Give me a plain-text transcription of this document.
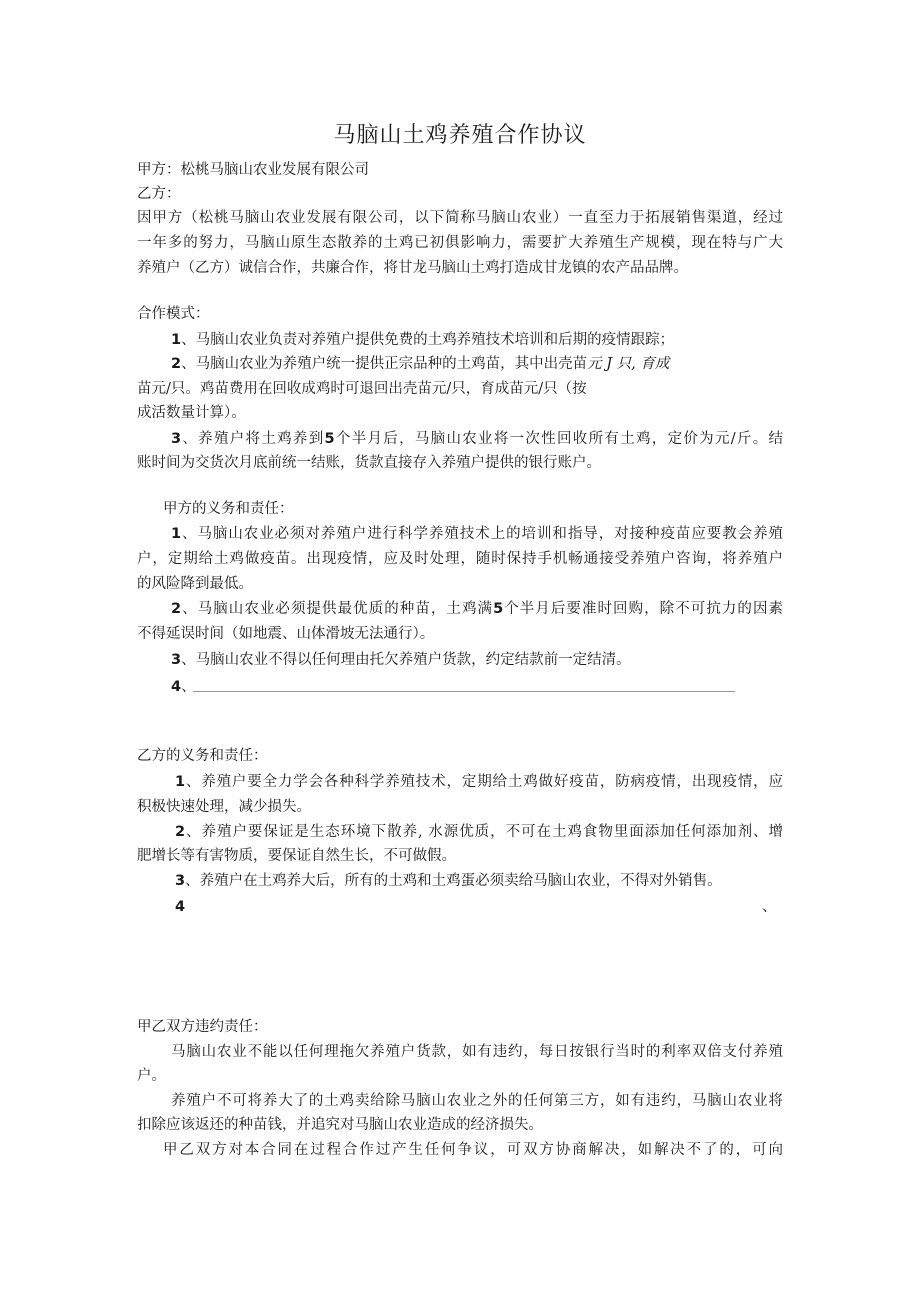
马脑山土鸡养殖合作协议
甲方：松桃马脑山农业发展有限公司
乙方：
因甲方（松桃马脑山农业发展有限公司，以下简称马脑山农业）一直至力于拓展销售渠道，经过
一年多的努力，马脑山原生态散养的土鸡已初俱影响力，需要扩大养殖生产规模，现在特与广大
养殖户（乙方）诚信合作，共廉合作，将甘龙马脑山土鸡打造成甘龙镇的农产品品牌。
合作模式：
1、马脑山农业负责对养殖户提供免费的土鸡养殖技术培训和后期的疫情跟踪；
2、马脑山农业为养殖户统一提供正宗品种的土鸡苗，其中出壳苗元 J 只, 育成
苗元/只。鸡苗费用在回收成鸡时可退回出壳苗元/只，育成苗元/只（按
成活数量计算）。
3、养殖户将土鸡养到5个半月后，马脑山农业将一次性回收所有土鸡，定价为元/斤。结
账时间为交货次月底前统一结账，货款直接存入养殖户提供的银行账户。
甲方的义务和责任：
1、马脑山农业必须对养殖户进行科学养殖技术上的培训和指导，对接种疫苗应要教会养殖
户，定期给土鸡做疫苗。出现疫情，应及时处理，随时保持手机畅通接受养殖户咨询，将养殖户
的风险降到最低。
2、马脑山农业必须提供最优质的种苗，土鸡满5个半月后要准时回购，除不可抗力的因素
不得延误时间（如地震、山体滑坡无法通行）。
3、马脑山农业不得以任何理由托欠养殖户货款，约定结款前一定结清。
4、
乙方的义务和责任：
1、养殖户要全力学会各种科学养殖技术，定期给土鸡做好疫苗，防病疫情，出现疫情，应
积极快速处理，减少损失。
2、养殖户要保证是生态环境下散养, 水源优质，不可在土鸡食物里面添加任何添加剂、增
肥增长等有害物质，要保证自然生长，不可做假。
3、养殖户在土鸡养大后，所有的土鸡和土鸡蛋必须卖给马脑山农业，不得对外销售。
4	、
甲乙双方违约责任：
马脑山农业不能以任何理拖欠养殖户货款，如有违约，每日按银行当时的利率双倍支付养殖
户。
养殖户不可将养大了的土鸡卖给除马脑山农业之外的任何第三方，如有违约，马脑山农业将
扣除应该返还的种苗钱，并追究对马脑山农业造成的经济损失。
甲乙双方对本合同在过程合作过产生任何争议，可双方协商解决，如解决不了的，可向
